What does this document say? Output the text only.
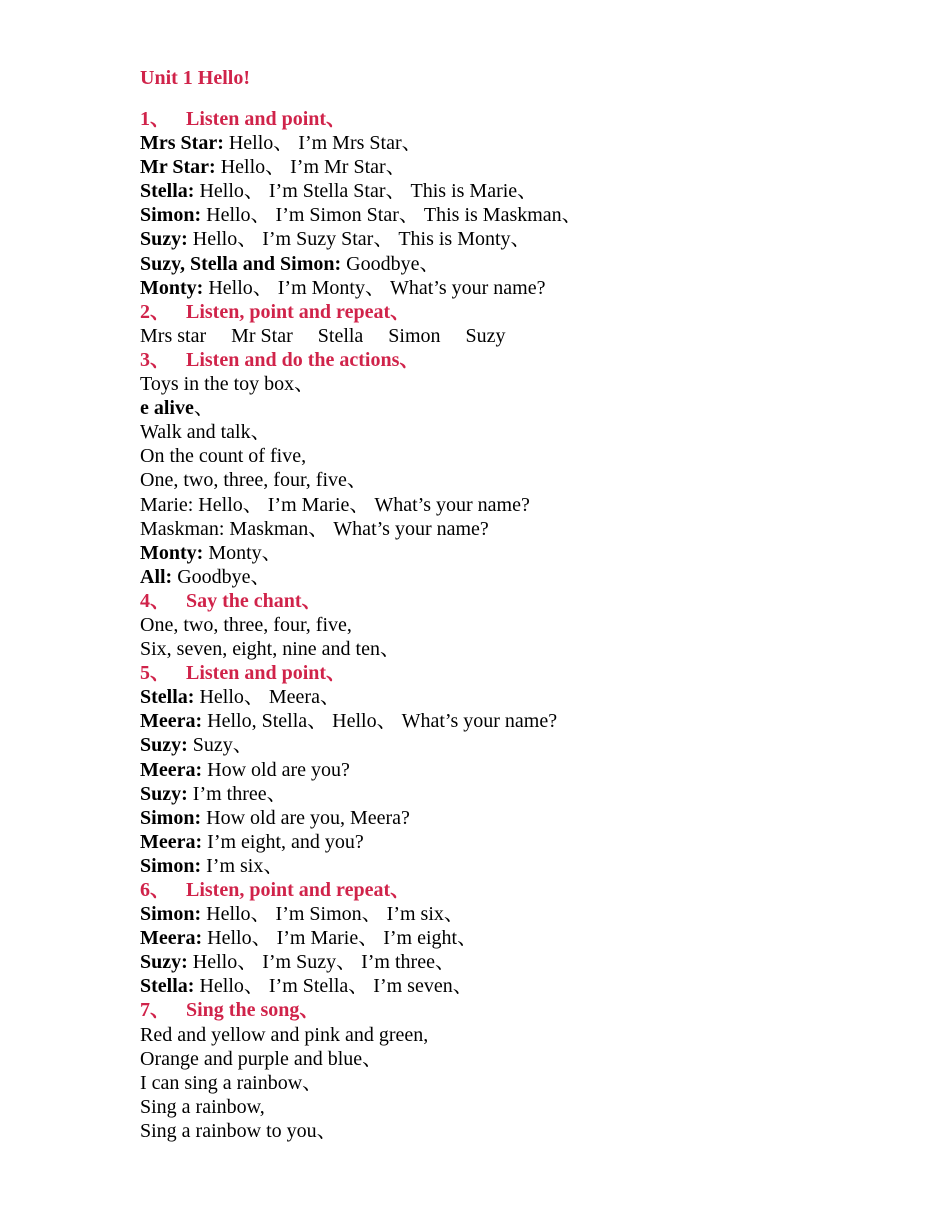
Unit 1 Hello!
1、 Listen and point、
Mrs Star: Hello、 I’m Mrs Star、
Mr Star: Hello、 I’m Mr Star、
Stella: Hello、 I’m Stella Star、 This is Marie、
Simon: Hello、 I’m Simon Star、 This is Maskman、
Suzy: Hello、 I’m Suzy Star、 This is Monty、
Suzy, Stella and Simon: Goodbye、
Monty: Hello、 I’m Monty、 What’s your name?
2、 Listen, point and repeat、
Mrs star     Mr Star     Stella     Simon     Suzy
3、 Listen and do the actions、
Toys in the toy box、
e alive、
Walk and talk、
On the count of five,
One, two, three, four, five、
Marie: Hello、 I’m Marie、 What’s your name?
Maskman: Maskman、 What’s your name?
Monty: Monty、
All: Goodbye、
4、 Say the chant、
One, two, three, four, five,
Six, seven, eight, nine and ten、
5、 Listen and point、
Stella: Hello、 Meera、
Meera: Hello, Stella、 Hello、 What’s your name?
Suzy: Suzy、
Meera: How old are you?
Suzy: I’m three、
Simon: How old are you, Meera?
Meera: I’m eight, and you?
Simon: I’m six、
6、 Listen, point and repeat、
Simon: Hello、 I’m Simon、 I’m six、
Meera: Hello、 I’m Marie、 I’m eight、
Suzy: Hello、 I’m Suzy、 I’m three、
Stella: Hello、 I’m Stella、 I’m seven、
7、 Sing the song、
Red and yellow and pink and green,
Orange and purple and blue、
I can sing a rainbow、
Sing a rainbow,
Sing a rainbow to you、
